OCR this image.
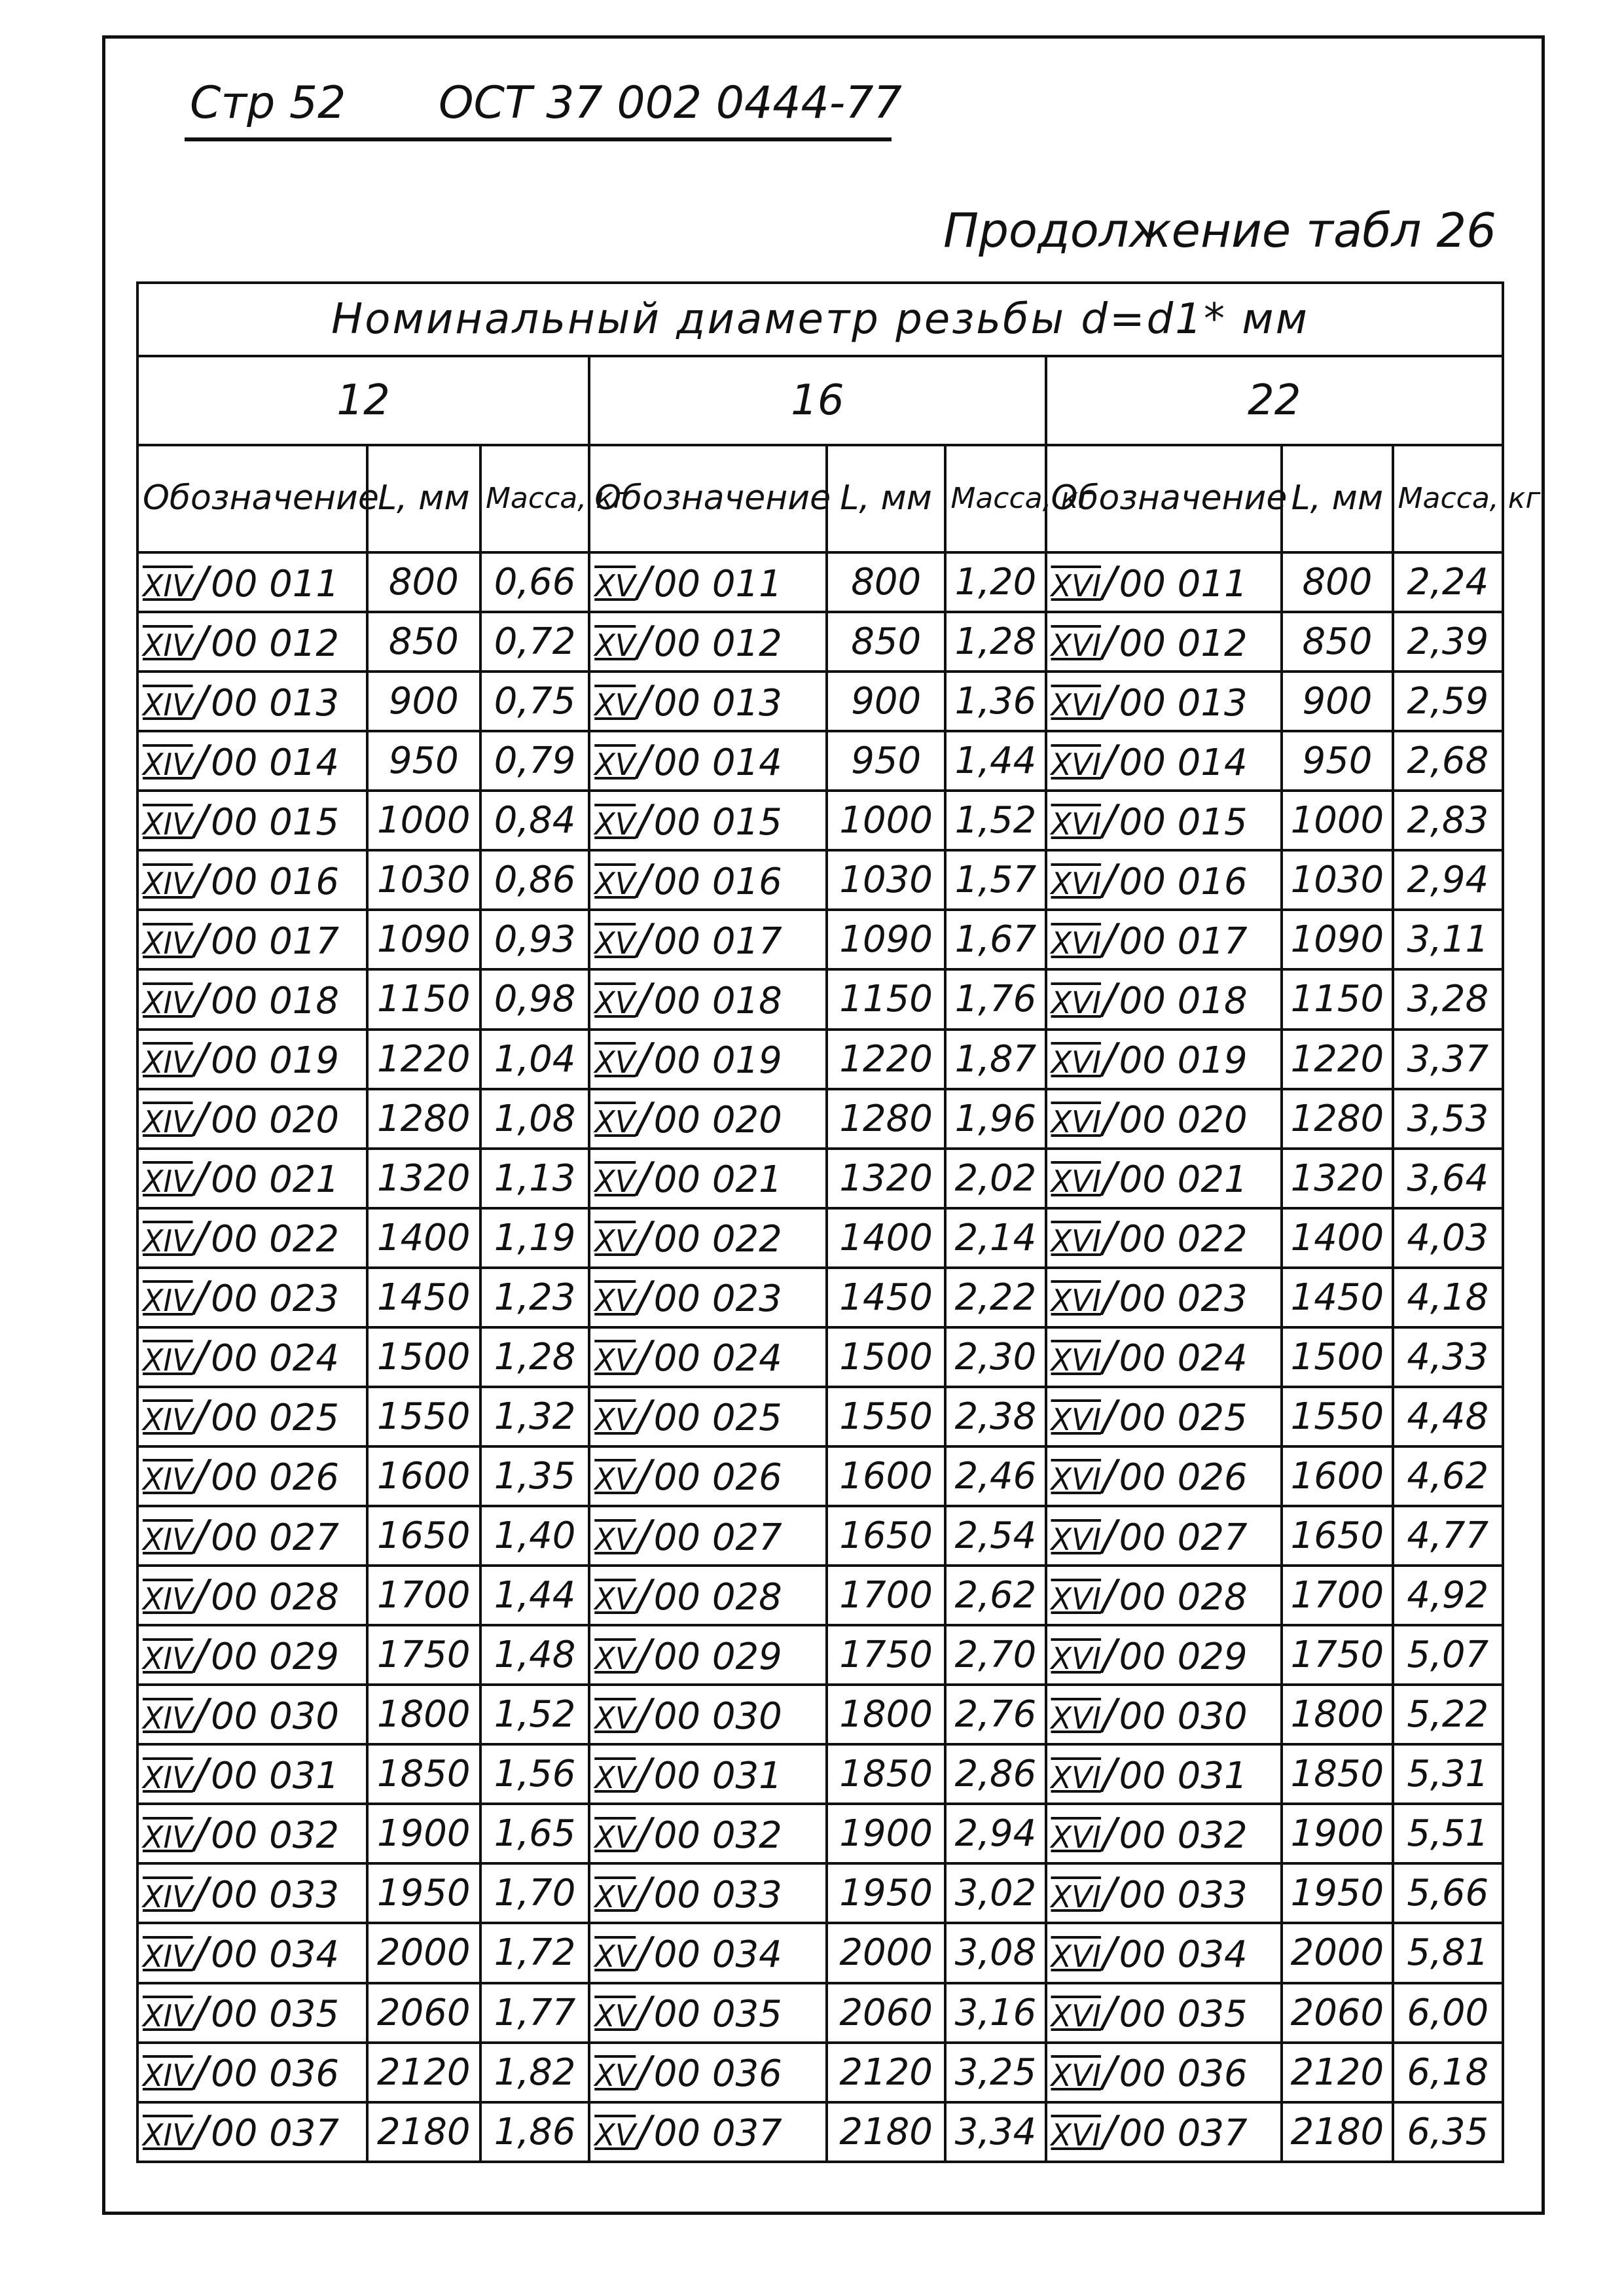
Стр 52 ОСТ 37 002 0444-77
Продолжение табл 26
Номинальный диаметр резьбы d=d1* мм								
12			16			22		
Обозначение	L, мм	Масса, кг	Обозначение	L, мм	Масса, кг	Обозначение	L, мм	Масса, кг
XIV/00 011	800	0,66	XV/00 011	800	1,20	XVI/00 011	800	2,24
XIV/00 012	850	0,72	XV/00 012	850	1,28	XVI/00 012	850	2,39
XIV/00 013	900	0,75	XV/00 013	900	1,36	XVI/00 013	900	2,59
XIV/00 014	950	0,79	XV/00 014	950	1,44	XVI/00 014	950	2,68
XIV/00 015	1000	0,84	XV/00 015	1000	1,52	XVI/00 015	1000	2,83
XIV/00 016	1030	0,86	XV/00 016	1030	1,57	XVI/00 016	1030	2,94
XIV/00 017	1090	0,93	XV/00 017	1090	1,67	XVI/00 017	1090	3,11
XIV/00 018	1150	0,98	XV/00 018	1150	1,76	XVI/00 018	1150	3,28
XIV/00 019	1220	1,04	XV/00 019	1220	1,87	XVI/00 019	1220	3,37
XIV/00 020	1280	1,08	XV/00 020	1280	1,96	XVI/00 020	1280	3,53
XIV/00 021	1320	1,13	XV/00 021	1320	2,02	XVI/00 021	1320	3,64
XIV/00 022	1400	1,19	XV/00 022	1400	2,14	XVI/00 022	1400	4,03
XIV/00 023	1450	1,23	XV/00 023	1450	2,22	XVI/00 023	1450	4,18
XIV/00 024	1500	1,28	XV/00 024	1500	2,30	XVI/00 024	1500	4,33
XIV/00 025	1550	1,32	XV/00 025	1550	2,38	XVI/00 025	1550	4,48
XIV/00 026	1600	1,35	XV/00 026	1600	2,46	XVI/00 026	1600	4,62
XIV/00 027	1650	1,40	XV/00 027	1650	2,54	XVI/00 027	1650	4,77
XIV/00 028	1700	1,44	XV/00 028	1700	2,62	XVI/00 028	1700	4,92
XIV/00 029	1750	1,48	XV/00 029	1750	2,70	XVI/00 029	1750	5,07
XIV/00 030	1800	1,52	XV/00 030	1800	2,76	XVI/00 030	1800	5,22
XIV/00 031	1850	1,56	XV/00 031	1850	2,86	XVI/00 031	1850	5,31
XIV/00 032	1900	1,65	XV/00 032	1900	2,94	XVI/00 032	1900	5,51
XIV/00 033	1950	1,70	XV/00 033	1950	3,02	XVI/00 033	1950	5,66
XIV/00 034	2000	1,72	XV/00 034	2000	3,08	XVI/00 034	2000	5,81
XIV/00 035	2060	1,77	XV/00 035	2060	3,16	XVI/00 035	2060	6,00
XIV/00 036	2120	1,82	XV/00 036	2120	3,25	XVI/00 036	2120	6,18
XIV/00 037	2180	1,86	XV/00 037	2180	3,34	XVI/00 037	2180	6,35
